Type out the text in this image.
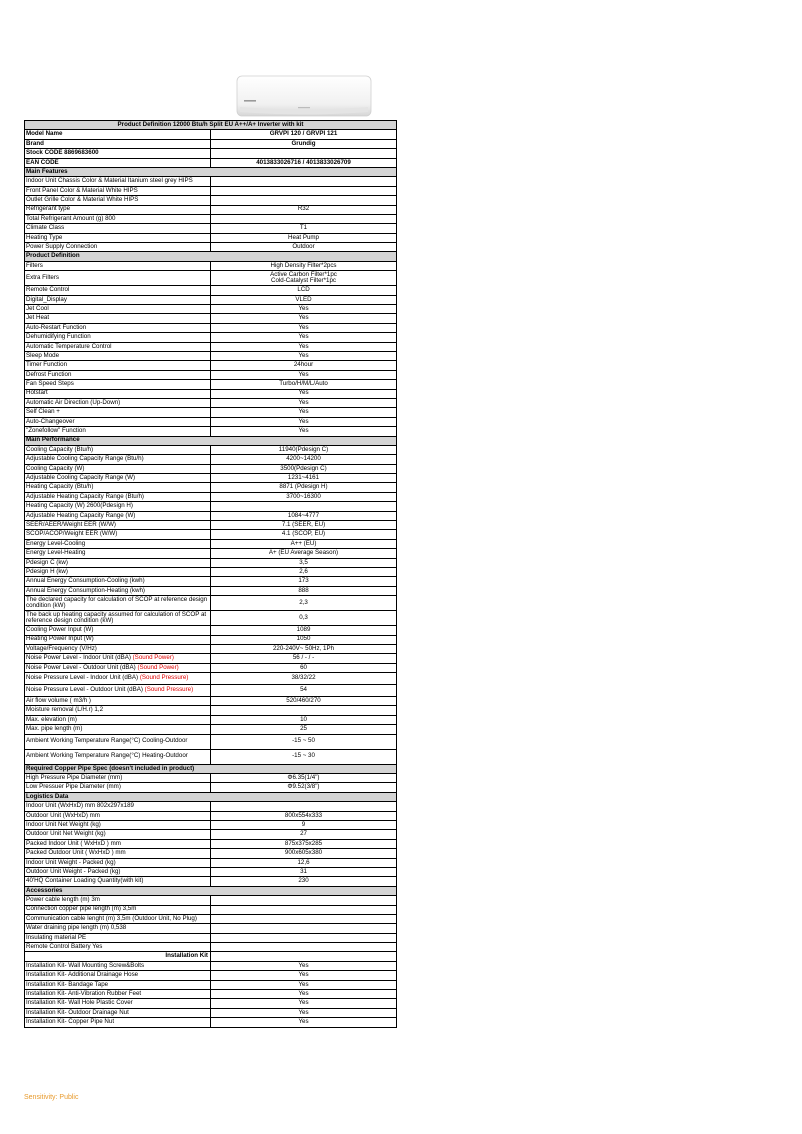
Product Definition 12000 Btu/h Split EU A++/A+ Inverter with kit	
Model Name	GRVPI 120 / GRVPI 121

Brand	Grundig

Stock CODE 8869683600	

EAN CODE	4013833026716 / 4013833026709

Main Features	
Indoor Unit Chassis Color & Material Itanium steel grey HIPS	

Front Panel Color & Material White HIPS	

Outlet Grille Color & Material White HIPS	

Refrigerant type	R32

Total Refrigerant Amount (g) 800	

Climate Class	T1

Heating Type	Heat Pump

Power Supply Connection	Outdoor

Product Definition	
Filters	High Density Filter*2pcs

Extra Filters	Active Carbon Filter*1pc
Cold-Catalyst Filter*1pc

Remote Control	LCD

Digital_Display	VLED

Jet Cool	Yes

Jet Heat	Yes

Auto-Restart Function	Yes

Dehumidifying Function	Yes

Automatic Temperature Control	Yes

Sleep Mode	Yes

Timer Function	24hour

Defrost Function	Yes

Fan Speed Steps	Turbo/H/M/L/Auto

Hotstart	Yes

Automatic Air Direction (Up-Down)	Yes

Self Clean +	Yes

Auto-Changeover	Yes

"Zonefollow" Function	Yes

Main Performance	
Cooling Capacity (Btu/h)	11940(Pdesign C)

Adjustable Cooling Capacity Range (Btu/h)	4200~14200

Cooling Capacity (W)	3500(Pdesign C)

Adjustable Cooling Capacity Range (W)	1231~4161

Heating Capacity (Btu/h)	8871 (Pdesign H)

Adjustable Heating Capacity Range (Btu/h)	3700~16300

Heating Capacity (W) 2600(Pdesign H)	

Adjustable Heating Capacity Range (W)	1084~4777

SEER/AEER/Weight EER (W/W)	7.1 (SEER, EU)

SCOP/ACOP/Weight EER (W/W)	4.1 (SCOP, EU)

Energy Level-Cooling	A++ (EU)

Energy Level-Heating	A+ (EU Average Season)

Pdesign C (kw)	3,5

Pdesign H (kw)	2,6

Annual Energy Consumption-Cooling (kwh)	173

Annual Energy Consumption-Heating (kwh)	888

The declared capacity for calculation of SCOP at reference design condition (kW)	2,3

The back up heating capacity assumed for calculation of SCOP at reference design condition (kW)	0,3

Cooling Power Input (W)	1089

Heating Power Input (W)	1050

Voltage/Frequency (V/Hz)	220-240V~ 50Hz, 1Ph

Noise Power Level - Indoor Unit (dBA) (Sound Power)	56 / - / -

Noise Power Level - Outdoor Unit (dBA) (Sound Power)	60

Noise Pressure Level - Indoor Unit (dBA) (Sound Pressure)	38/32/22

Noise Pressure Level - Outdoor Unit (dBA) (Sound Pressure)	54

Air flow volume ( m3/h )	520/460/270

Moisture removal (L/H.r) 1,2	

Max. elevation (m)	10

Max. pipe length (m)	25

Ambient Working Temperature Range(°C) Cooling-Outdoor	-15 ~ 50

Ambient Working Temperature Range(°C) Heating-Outdoor	-15 ~ 30

Required Copper Pipe Spec (doesn't included in product)	
High Pressure Pipe Diameter (mm)	Φ6.35(1/4")

Low Pressuer Pipe Diameter (mm)	Φ9.52(3/8")

Logistics Data	
Indoor Unit (WxHxD) mm 802x297x189	

Outdoor Unit (WxHxD) mm	800x554x333

Indoor Unit Net Weight (kg)	9

Outdoor Unit Net Weight (kg)	27

Packed Indoor Unit ( WxHxD ) mm	875x375x285

Packed Outdoor Unit ( WxHxD ) mm	900x605x380

Indoor Unit Weight - Packed (kg)	12,6

Outdoor Unit Weight - Packed (kg)	31

40'HQ Container Loading Quantity(with kit)	230

Accessories	
Power cable length (m) 3m	

Connection copper pipe length (m) 3,5m	

Communication cable lenght (m) 3,5m (Outdoor Unit, No Plug)	

Water draining pipe length (m) 0,538	

Insulating material PE	

Remote Control Battery Yes	

Installation Kit	

Installation Kit- Wall Mounting Screw&Bolts	Yes

Installation Kit- Additional Drainage Hose	Yes

Installation Kit- Bandage Tape	Yes

Installation Kit- Anti-Vibration Rubber Feet	Yes

Installation Kit- Wall Hole Plastic Cover	Yes

Installation Kit- Outdoor Drainage Nut	Yes

Installation Kit- Copper Pipe Nut	Yes
Sensitivity: Public
